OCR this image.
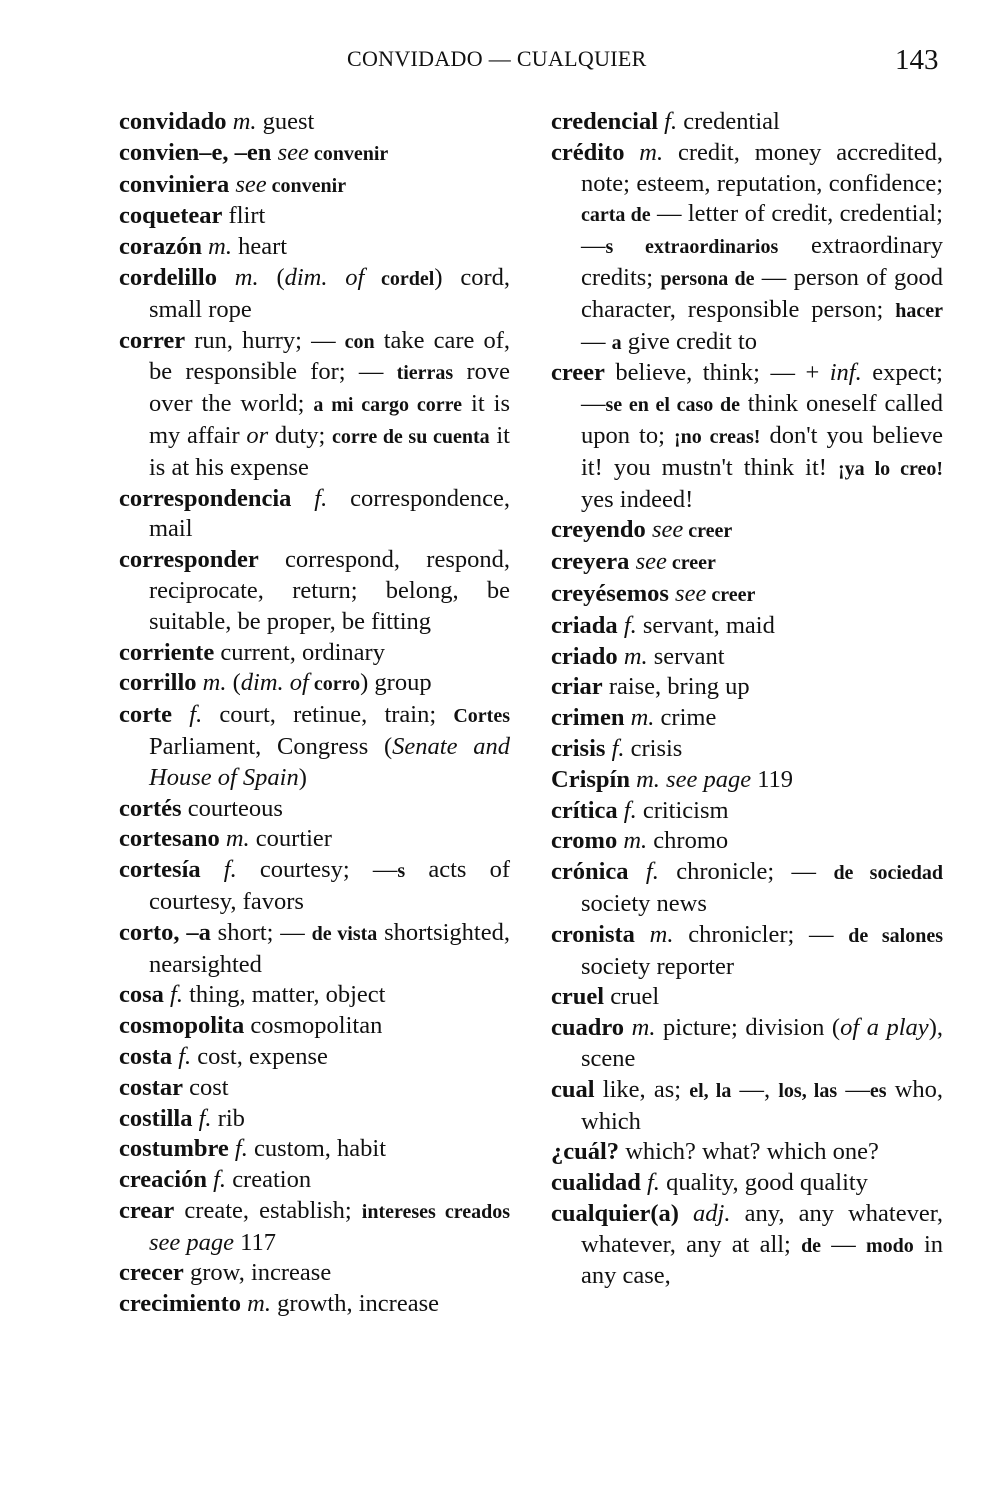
CONVIDADO — CUALQUIER	143
convidado m. guest
convien–e, –en see convenir
conviniera see convenir
coquetear flirt
corazón m. heart
cordelillo m. (dim. of cordel) cord, small rope
correr run, hurry; — con take care of, be responsible for; — tierras rove over the world; a mi cargo corre it is my affair or duty; corre de su cuenta it is at his expense
correspondencia f. correspondence, mail
corresponder correspond, respond, reciprocate, return; belong, be suitable, be proper, be fitting
corriente current, ordinary
corrillo m. (dim. of corro) group
corte f. court, retinue, train; Cortes Parliament, Congress (Senate and House of Spain)
cortés courteous
cortesano m. courtier
cortesía f. courtesy; —s acts of courtesy, favors
corto, –a short; — de vista shortsighted, nearsighted
cosa f. thing, matter, object
cosmopolita cosmopolitan
costa f. cost, expense
costar cost
costilla f. rib
costumbre f. custom, habit
creación f. creation
crear create, establish; intereses creados see page 117
crecer grow, increase
crecimiento m. growth, increase
credencial f. credential
crédito m. credit, money accredited, note; esteem, reputation, confidence; carta de — letter of credit, credential; —s extraordinarios extraordinary credits; persona de — person of good character, responsible person; hacer — a give credit to
creer believe, think; — + inf. expect; —se en el caso de think oneself called upon to; ¡no creas! don't you believe it! you mustn't think it! ¡ya lo creo! yes indeed!
creyendo see creer
creyera see creer
creyésemos see creer
criada f. servant, maid
criado m. servant
criar raise, bring up
crimen m. crime
crisis f. crisis
Crispín m. see page 119
crítica f. criticism
cromo m. chromo
crónica f. chronicle; — de sociedad society news
cronista m. chronicler; — de salones society reporter
cruel cruel
cuadro m. picture; division (of a play), scene
cual like, as; el, la —, los, las —es who, which
¿cuál? which? what? which one?
cualidad f. quality, good quality
cualquier(a) adj. any, any whatever, whatever, any at all; de — modo in any case,
